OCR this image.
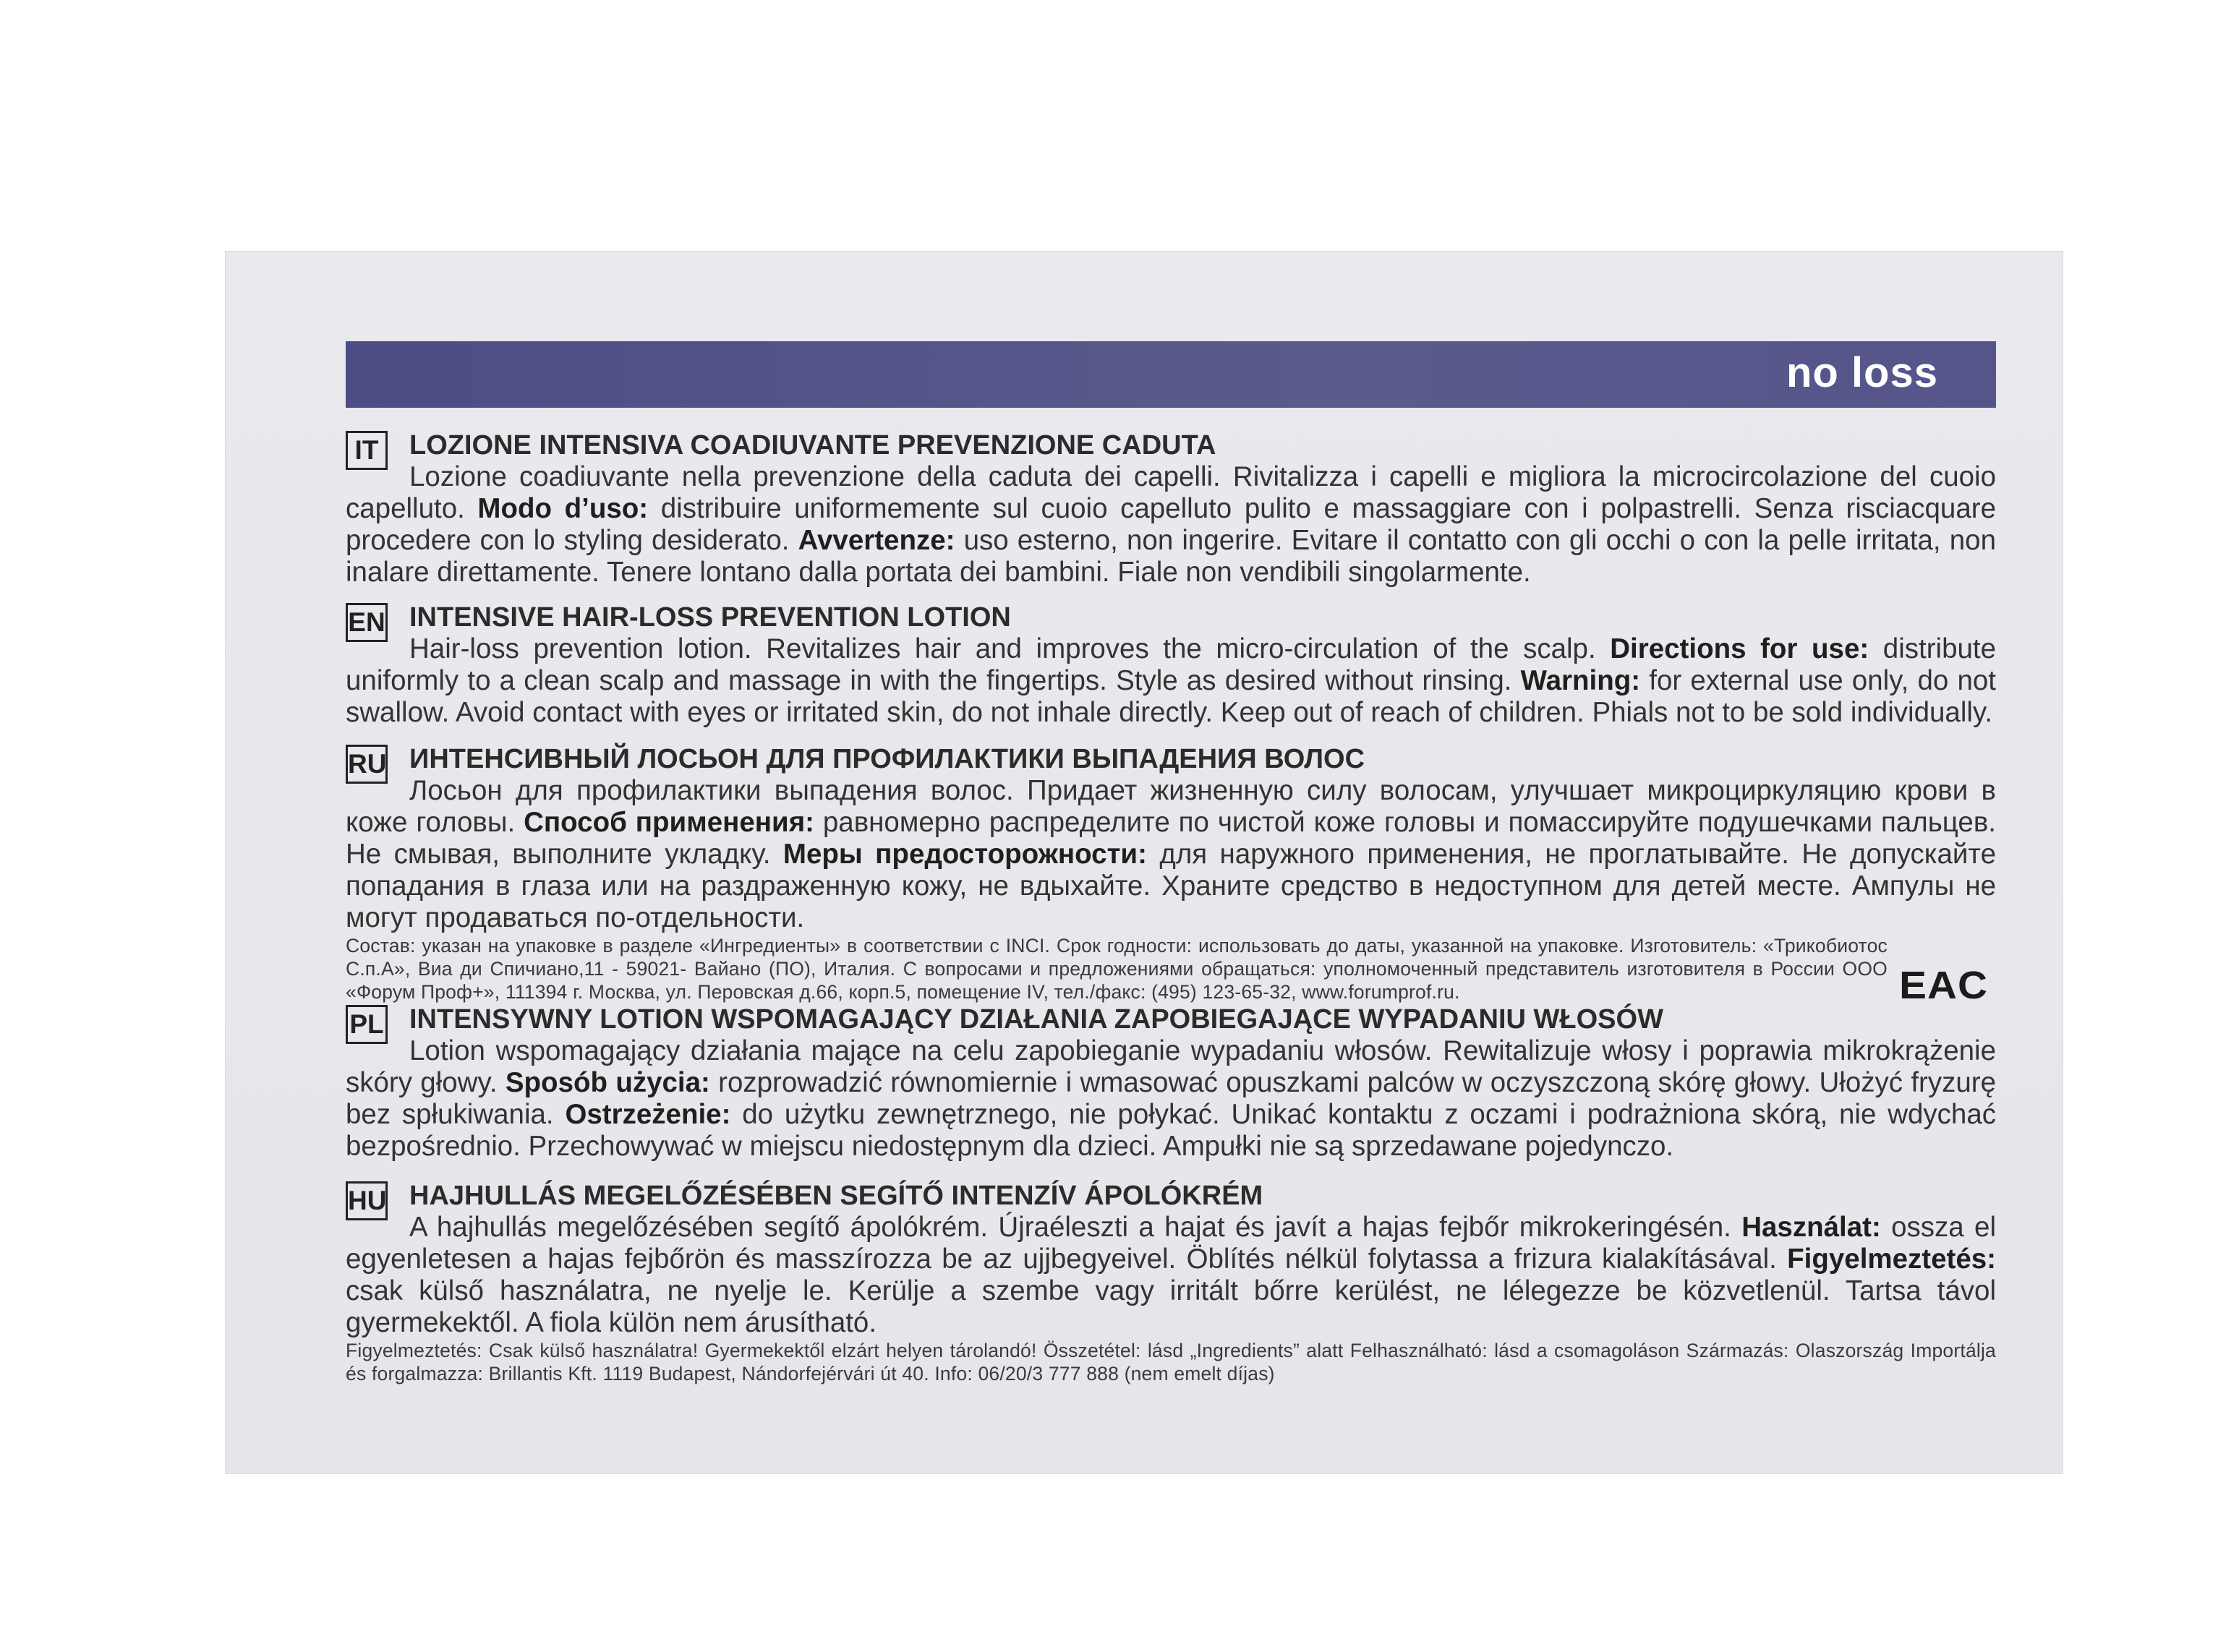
no loss
IT	LOZIONE INTENSIVA COADIUVANTE PREVENZIONE CADUTA
Lozione coadiuvante nella prevenzione della caduta dei capelli. Rivitalizza i capelli e migliora la microcircolazione del cuoio capelluto. Modo d’uso: distribuire uniformemente sul cuoio capelluto pulito e massaggiare con i polpastrelli. Senza risciacquare procedere con lo styling desiderato. Avvertenze: uso esterno, non ingerire. Evitare il contatto con gli occhi o con la pelle irritata, non inalare direttamente. Tenere lontano dalla portata dei bambini. Fiale non vendibili singolarmente.
EN INTENSIVE HAIR-LOSS PREVENTION LOTION
Hair-loss prevention lotion. Revitalizes hair and improves the micro-circulation of the scalp. Directions for use: distribute uniformly to a clean scalp and massage in with the fingertips. Style as desired without rinsing. Warning: for external use only, do not swallow. Avoid contact with eyes or irritated skin, do not inhale directly. Keep out of reach of children. Phials not to be sold individually.
RU ИНТЕНСИВНЫЙ ЛОСЬОН ДЛЯ ПРОФИЛАКТИКИ ВЫПАДЕНИЯ ВОЛОС
Лосьон для профилактики выпадения волос. Придает жизненную силу волосам, улучшает микроциркуляцию крови в коже головы. Способ применения: равномерно распределите по чистой коже головы и помассируйте подушечками пальцев. Не смывая, выполните укладку. Меры предосторожности: для наружного применения, не проглатывайте. Не допускайте попадания в глаза или на раздраженную кожу, не вдыхайте. Храните средство в недоступном для детей месте. Ампулы не могут продаваться по-отдельности.
Состав: указан на упаковке в разделе «Ингредиенты» в соответствии с INCI. Срок годности: использовать до даты, указанной на упаковке. Изготовитель: «Трикобиотос С.п.А», Виа ди Спичиано,11 - 59021- Вайано (ПО), Италия. С вопросами и предложениями обращаться: уполномоченный представитель изготовителя в России ООО «Форум Проф+», 111394 г. Москва, ул. Перовская д.66, корп.5, помещение IV, тел./факс: (495) 123-65-32, www.forumprof.ru.	EAC
PL INTENSYWNY LOTION WSPOMAGAJĄCY DZIAŁANIA ZAPOBIEGAJĄCE WYPADANIU WŁOSÓW
Lotion wspomagający działania mające na celu zapobieganie wypadaniu włosów. Rewitalizuje włosy i poprawia mikrokrążenie skóry głowy. Sposób użycia: rozprowadzić równomiernie i wmasować opuszkami palców w oczyszczoną skórę głowy. Ułożyć fryzurę bez spłukiwania. Ostrzeżenie: do użytku zewnętrznego, nie połykać. Unikać kontaktu z oczami i podrażniona skórą, nie wdychać bezpośrednio. Przechowywać w miejscu niedostępnym dla dzieci. Ampułki nie są sprzedawane pojedynczo.
HU HAJHULLÁS MEGELŐZÉSÉBEN SEGÍTŐ INTENZÍV ÁPOLÓKRÉM
A hajhullás megelőzésében segítő ápolókrém. Újraéleszti a hajat és javít a hajas fejbőr mikrokeringésén. Használat: ossza el egyenletesen a hajas fejbőrön és masszírozza be az ujjbegyeivel. Öblítés nélkül folytassa a frizura kialakításával. Figyelmeztetés: csak külső használatra, ne nyelje le. Kerülje a szembe vagy irritált bőrre kerülést, ne lélegezze be közvetlenül. Tartsa távol gyermekektől. A fiola külön nem árusítható.
Figyelmeztetés: Csak külső használatra! Gyermekektől elzárt helyen tárolandó! Összetétel: lásd „Ingredients” alatt Felhasználható: lásd a csomagoláson Származás: Olaszország Importálja és forgalmazza: Brillantis Kft. 1119 Budapest, Nándorfejérvári út 40. Info: 06/20/3 777 888 (nem emelt díjas)
